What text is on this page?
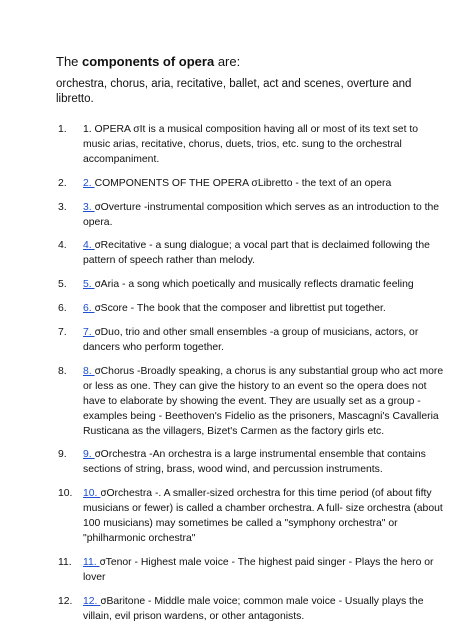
The components of opera are:
orchestra, chorus, aria, recitative, ballet, act and scenes, overture and libretto.
1.	1. OPERA σIt is a musical composition having all or most of its text set to music arias, recitative, chorus, duets, trios, etc. sung to the orchestral accompaniment.
2.	2. COMPONENTS OF THE OPERA σLibretto - the text of an opera
3.	3. σOverture -instrumental composition which serves as an introduction to the opera.
4.	4. σRecitative - a sung dialogue; a vocal part that is declaimed following the pattern of speech rather than melody.
5.	5. σAria - a song which poetically and musically reflects dramatic feeling
6.	6. σScore - The book that the composer and librettist put together.
7.	7. σDuo, trio and other small ensembles -a group of musicians, actors, or dancers who perform together.
8.	8. σChorus -Broadly speaking, a chorus is any substantial group who act more or less as one. They can give the history to an event so the opera does not have to elaborate by showing the event. They are usually set as a group - examples being - Beethoven's Fidelio as the prisoners, Mascagni's Cavalleria Rusticana as the villagers, Bizet's Carmen as the factory girls etc.
9.	9. σOrchestra -An orchestra is a large instrumental ensemble that contains sections of string, brass, wood wind, and percussion instruments.
10.	10. σOrchestra -. A smaller-sized orchestra for this time period (of about fifty musicians or fewer) is called a chamber orchestra. A full- size orchestra (about 100 musicians) may sometimes be called a "symphony orchestra" or "philharmonic orchestra"
11.	11. σTenor - Highest male voice - The highest paid singer - Plays the hero or lover
12.	12. σBaritone - Middle male voice; common male voice - Usually plays the villain, evil prison wardens, or other antagonists.
